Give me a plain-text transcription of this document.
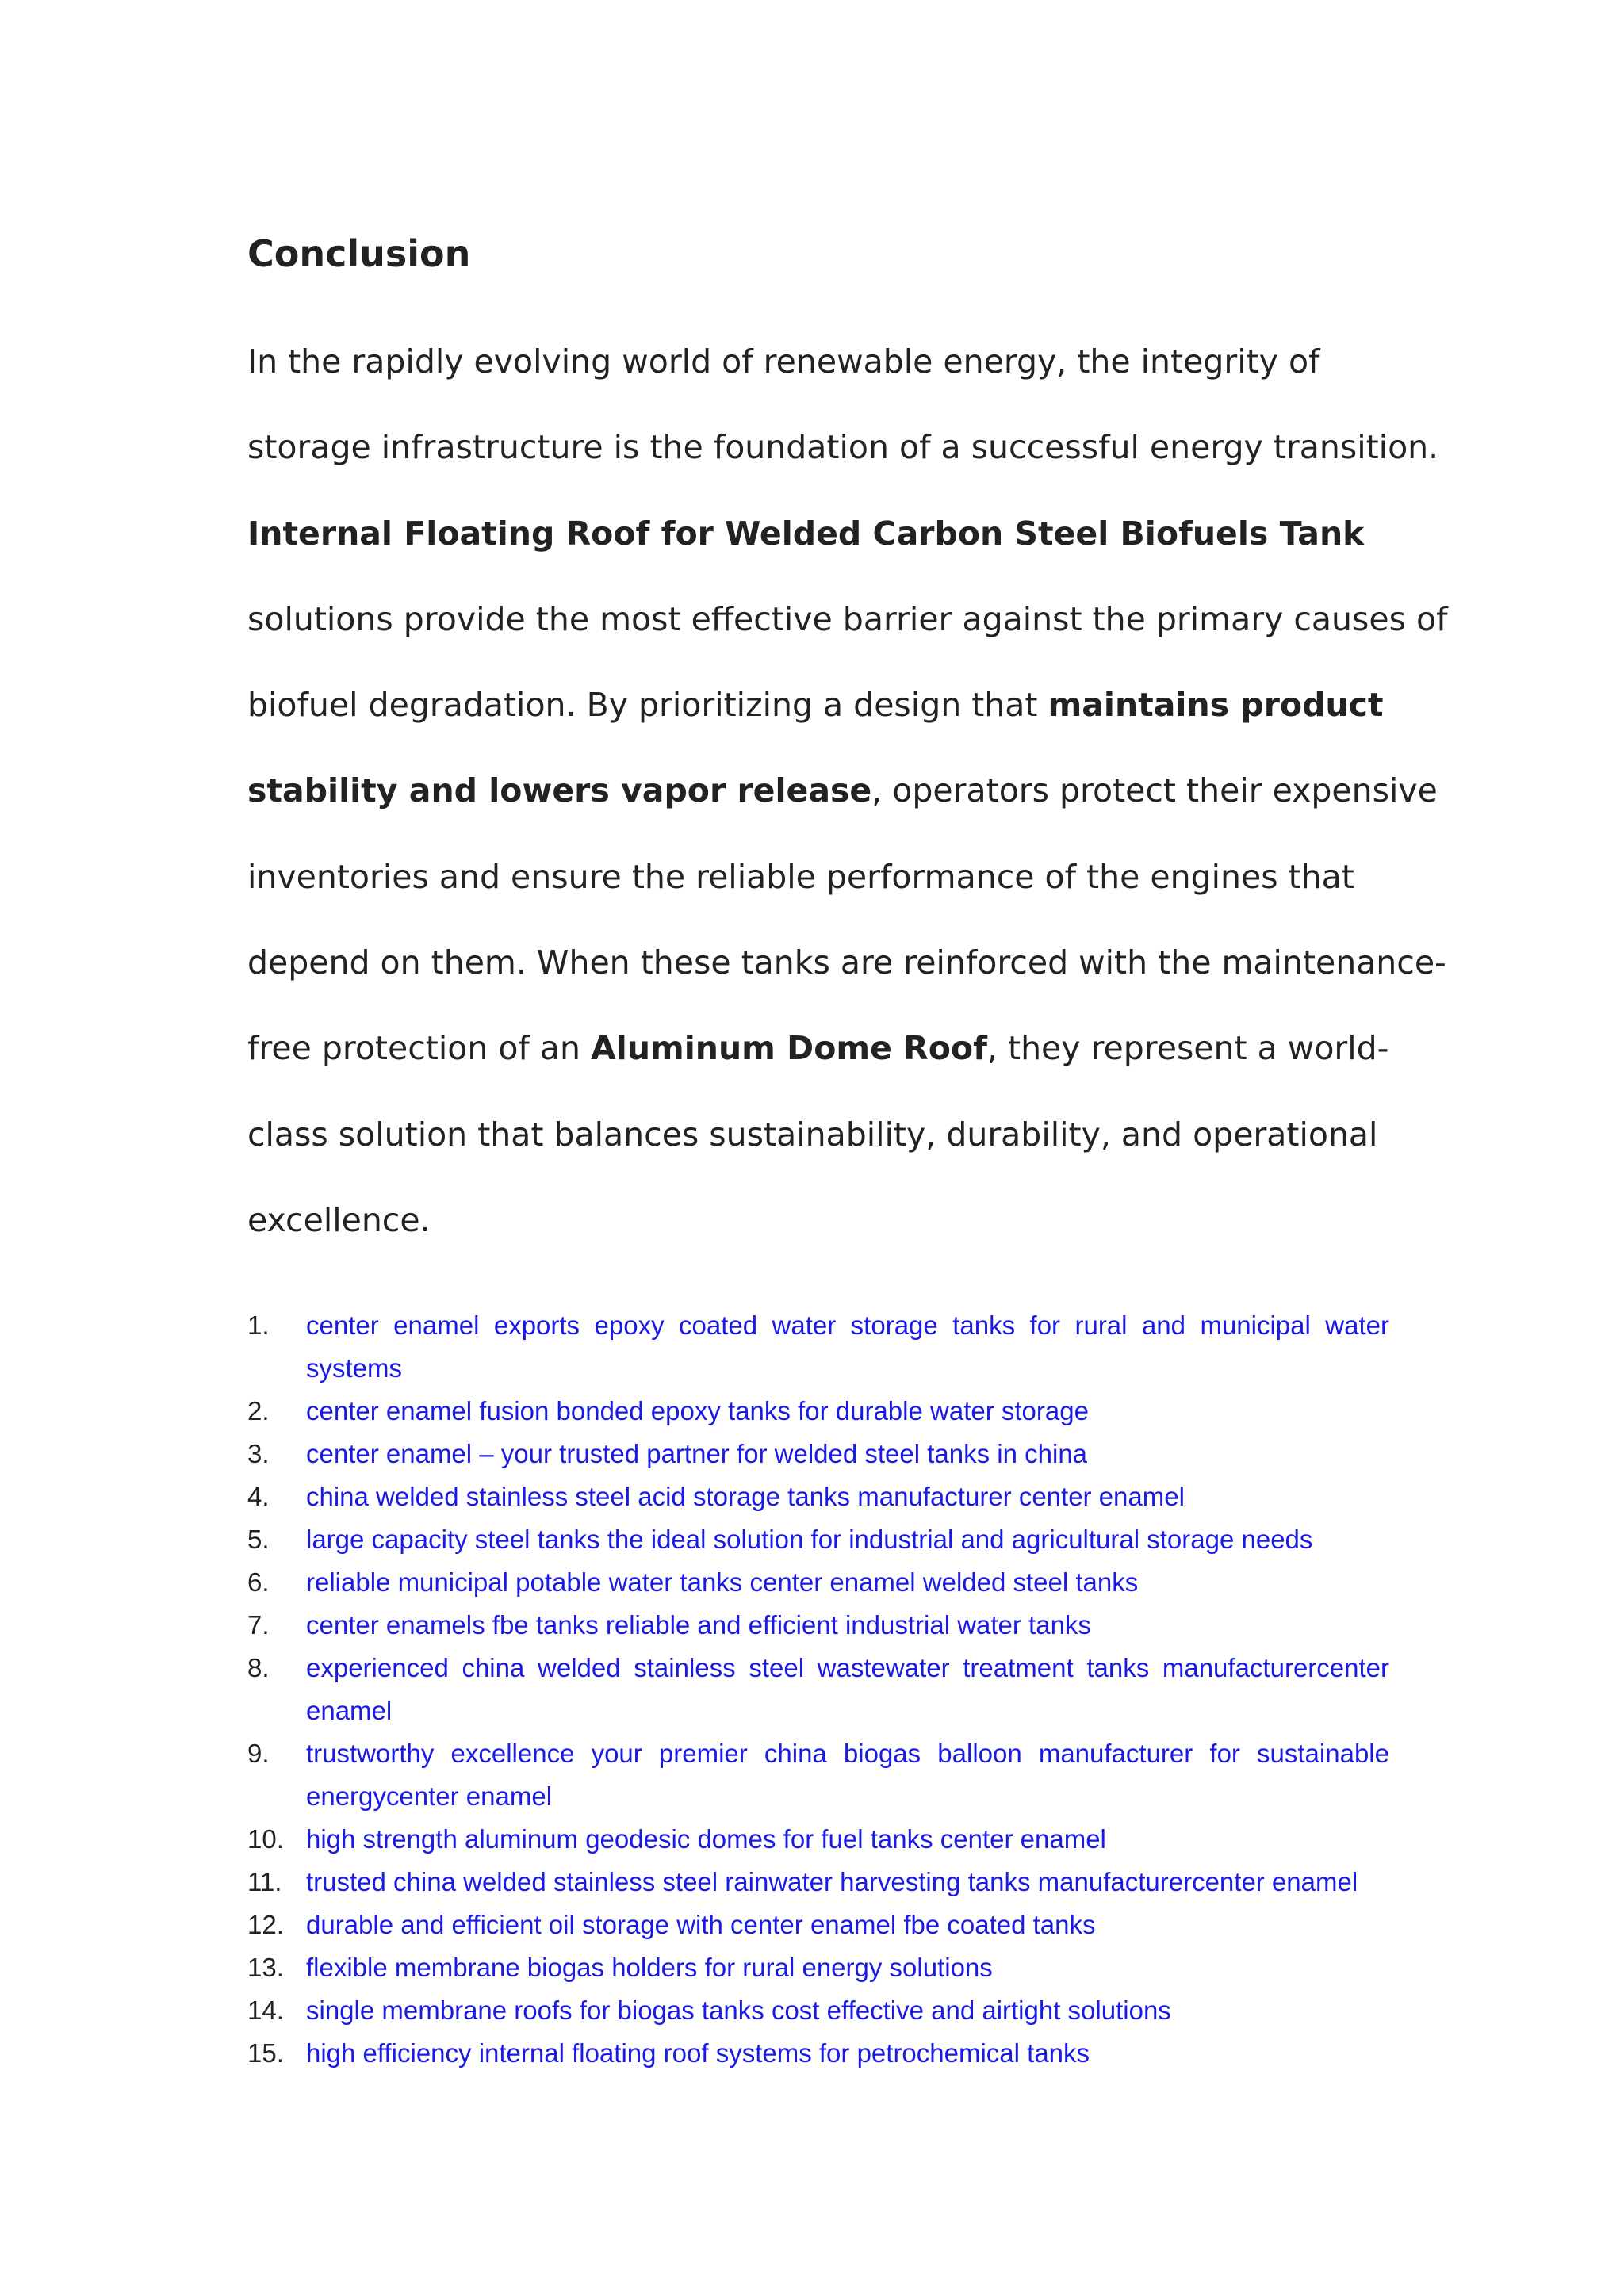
Conclusion

In the rapidly evolving world of renewable energy, the integrity of
storage infrastructure is the foundation of a successful energy transition.
Internal Floating Roof for Welded Carbon Steel Biofuels Tank
solutions provide the most effective barrier against the primary causes of
biofuel degradation. By prioritizing a design that maintains product
stability and lowers vapor release, operators protect their expensive
inventories and ensure the reliable performance of the engines that
depend on them. When these tanks are reinforced with the maintenance-
free protection of an Aluminum Dome Roof, they represent a world-
class solution that balances sustainability, durability, and operational
excellence.

1. center enamel exports epoxy coated water storage tanks for rural and municipal water systems
2. center enamel fusion bonded epoxy tanks for durable water storage
3. center enamel – your trusted partner for welded steel tanks in china
4. china welded stainless steel acid storage tanks manufacturer center enamel
5. large capacity steel tanks the ideal solution for industrial and agricultural storage needs
6. reliable municipal potable water tanks center enamel welded steel tanks
7. center enamels fbe tanks reliable and efficient industrial water tanks
8. experienced china welded stainless steel wastewater treatment tanks manufacturercenter enamel
9. trustworthy excellence your premier china biogas balloon manufacturer for sustainable energycenter enamel
10. high strength aluminum geodesic domes for fuel tanks center enamel
11. trusted china welded stainless steel rainwater harvesting tanks manufacturercenter enamel
12. durable and efficient oil storage with center enamel fbe coated tanks
13. flexible membrane biogas holders for rural energy solutions
14. single membrane roofs for biogas tanks cost effective and airtight solutions
15. high efficiency internal floating roof systems for petrochemical tanks
